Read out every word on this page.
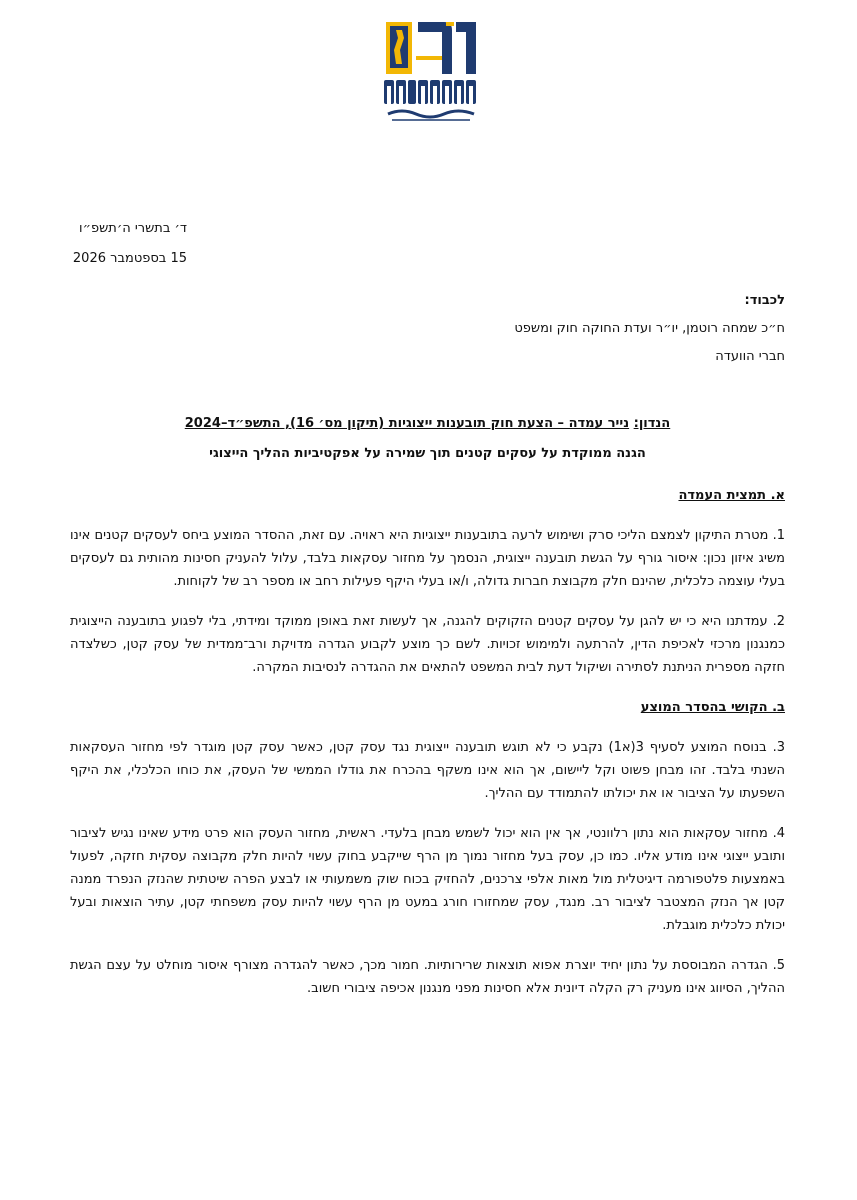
ד׳ בתשרי ה׳תשפ״ו
15 בספטמבר 2026
לכבוד:
ח״כ שמחה רוטמן, יו״ר ועדת החוקה חוק ומשפט
חברי הוועדה
הנדון: נייר עמדה – הצעת חוק תובענות ייצוגיות (תיקון מס׳ 16), התשפ״ד–2024
הגנה ממוקדת על עסקים קטנים תוך שמירה על אפקטיביות ההליך הייצוגי
א. תמצית העמדה

1. מטרת התיקון לצמצם הליכי סרק ושימוש לרעה בתובענות ייצוגיות היא ראויה. עם זאת, ההסדר המוצע ביחס לעסקים קטנים אינו משיג איזון נכון: איסור גורף על הגשת תובענה ייצוגית, הנסמך על מחזור עסקאות בלבד, עלול להעניק חסינות מהותית גם לעסקים בעלי עוצמה כלכלית, שהינם חלק מקבוצת חברות גדולה, ו/או בעלי היקף פעילות רחב או מספר רב של לקוחות.

2. עמדתנו היא כי יש להגן על עסקים קטנים הזקוקים להגנה, אך לעשות זאת באופן ממוקד ומידתי, בלי לפגוע בתובענה הייצוגית כמנגנון מרכזי לאכיפת הדין, להרתעה ולמימוש זכויות. לשם כך מוצע לקבוע הגדרה מדויקת ורב־ממדית של עסק קטן, כשלצדה חזקה מספרית הניתנת לסתירה ושיקול דעת לבית המשפט להתאים את ההגדרה לנסיבות המקרה.

ב. הקושי בהסדר המוצע

3. בנוסח המוצע לסעיף 3(א1) נקבע כי לא תוגש תובענה ייצוגית נגד עסק קטן, כאשר עסק קטן מוגדר לפי מחזור העסקאות השנתי בלבד. זהו מבחן פשוט וקל ליישום, אך הוא אינו משקף בהכרח את גודלו הממשי של העסק, את כוחו הכלכלי, את היקף השפעתו על הציבור או את יכולתו להתמודד עם ההליך.

4. מחזור עסקאות הוא נתון רלוונטי, אך אין הוא יכול לשמש מבחן בלעדי. ראשית, מחזור העסק הוא פרט מידע שאינו נגיש לציבור ותובע ייצוגי אינו מודע אליו. כמו כן, עסק בעל מחזור נמוך מן הרף שייקבע בחוק עשוי להיות חלק מקבוצה עסקית חזקה, לפעול באמצעות פלטפורמה דיגיטלית מול מאות אלפי צרכנים, להחזיק בכוח שוק משמעותי או לבצע הפרה שיטתית שהנזק הנפרד ממנה קטן אך הנזק המצטבר לציבור רב. מנגד, עסק שמחזורו חורג במעט מן הרף עשוי להיות עסק משפחתי קטן, עתיר הוצאות ובעל יכולת כלכלית מוגבלת.

5. הגדרה המבוססת על נתון יחיד יוצרת אפוא תוצאות שרירותיות. חמור מכך, כאשר להגדרה מצורף איסור מוחלט על עצם הגשת ההליך, הסיווג אינו מעניק רק הקלה דיונית אלא חסינות מפני מנגנון אכיפה ציבורי חשוב.
